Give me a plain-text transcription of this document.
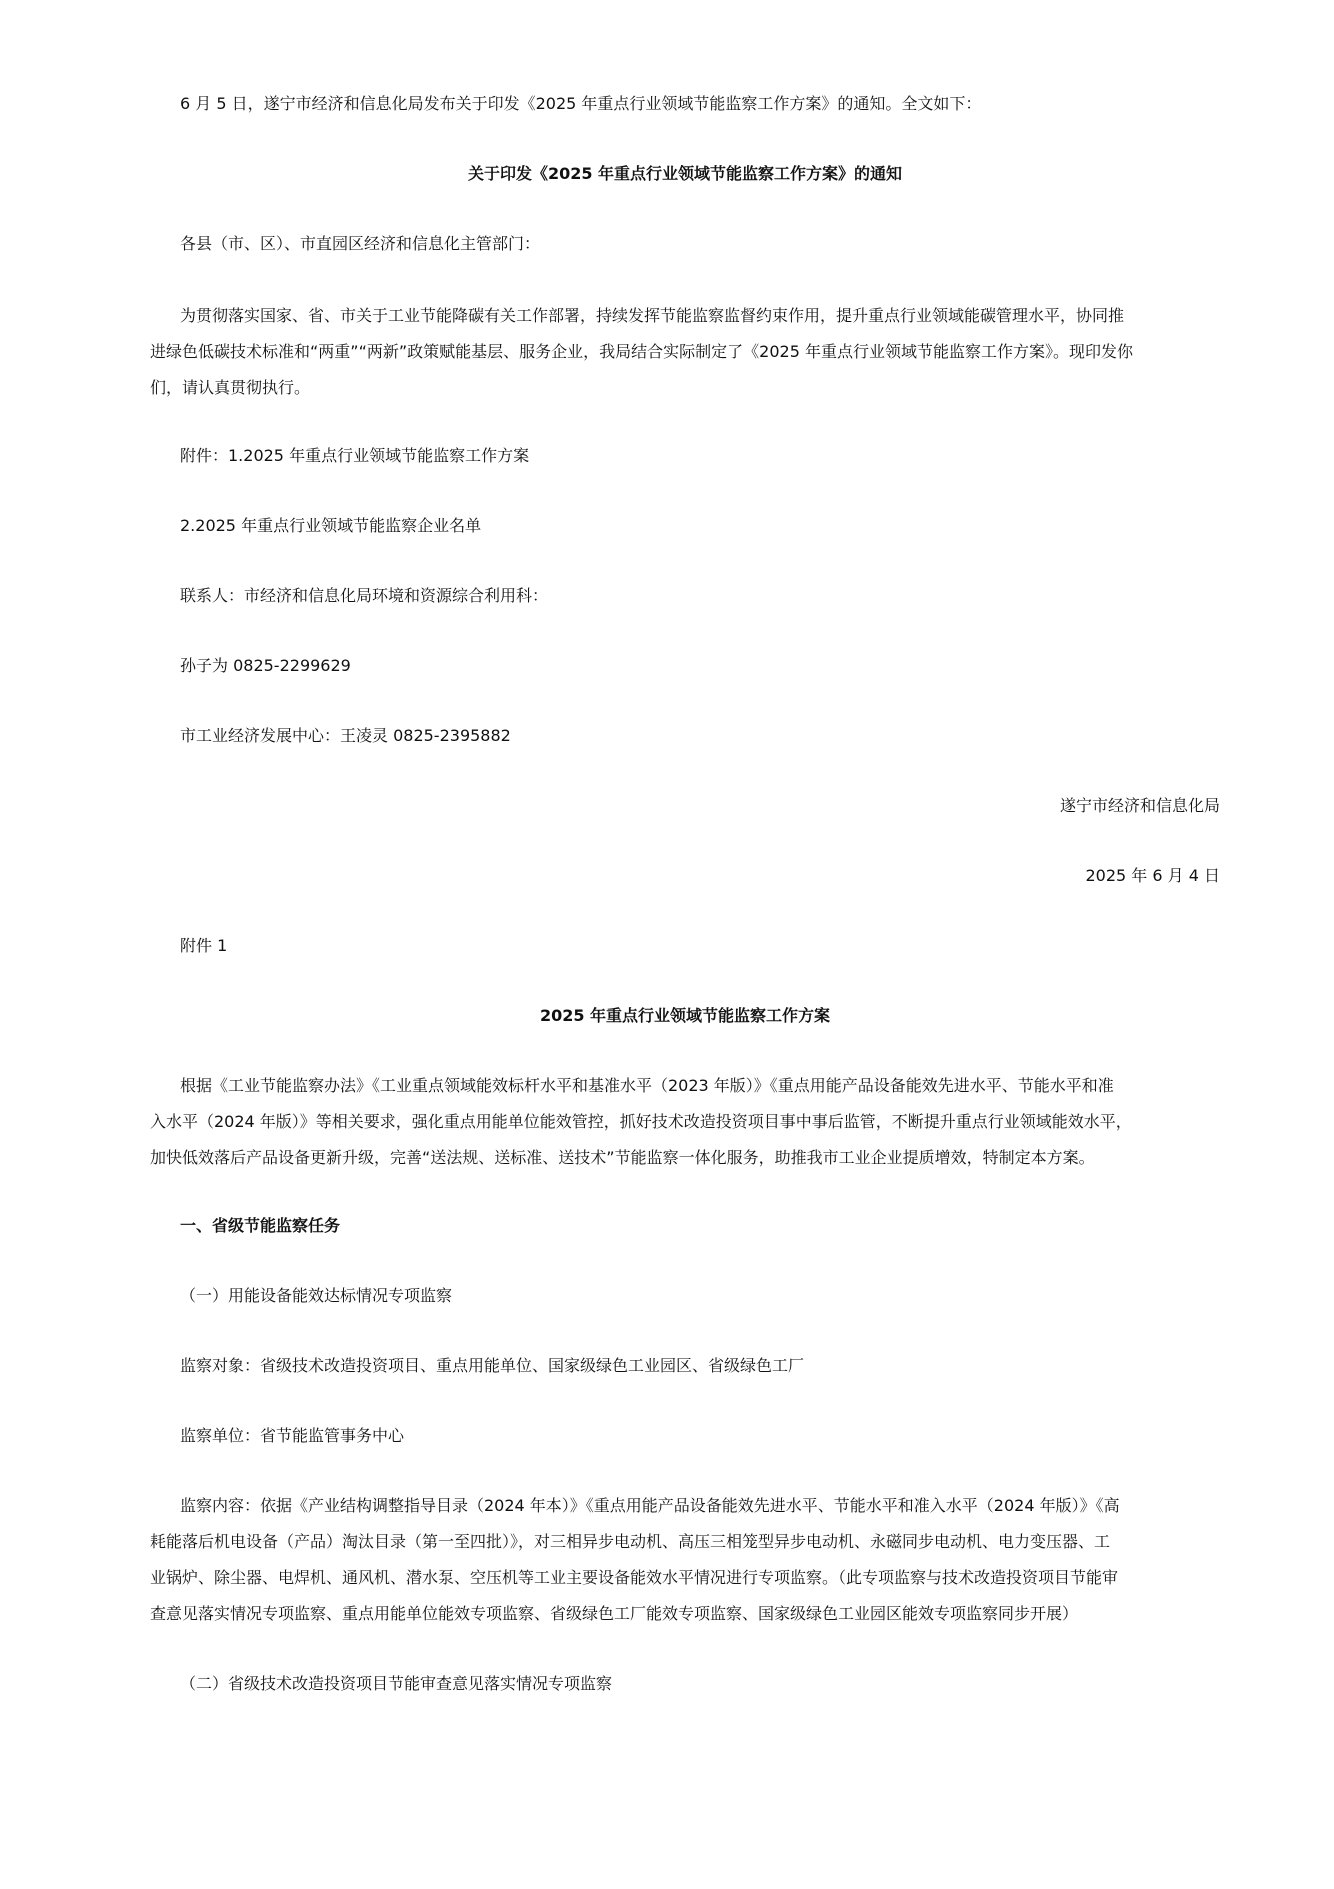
6 月 5 日，遂宁市经济和信息化局发布关于印发《2025 年重点行业领域节能监察工作方案》的通知。全文如下：

关于印发《2025 年重点行业领域节能监察工作方案》的通知

各县（市、区）、市直园区经济和信息化主管部门：

为贯彻落实国家、省、市关于工业节能降碳有关工作部署，持续发挥节能监察监督约束作用，提升重点行业领域能碳管理水平，协同推
进绿色低碳技术标准和“两重”“两新”政策赋能基层、服务企业，我局结合实际制定了《2025 年重点行业领域节能监察工作方案》。现印发你
们，请认真贯彻执行。

附件：1.2025 年重点行业领域节能监察工作方案

2.2025 年重点行业领域节能监察企业名单

联系人：市经济和信息化局环境和资源综合利用科：

孙子为 0825-2299629

市工业经济发展中心：王凌灵 0825-2395882

遂宁市经济和信息化局

2025 年 6 月 4 日

附件 1

2025 年重点行业领域节能监察工作方案

根据《工业节能监察办法》《工业重点领域能效标杆水平和基准水平（2023 年版）》《重点用能产品设备能效先进水平、节能水平和准
入水平（2024 年版）》等相关要求，强化重点用能单位能效管控，抓好技术改造投资项目事中事后监管，不断提升重点行业领域能效水平，
加快低效落后产品设备更新升级，完善“送法规、送标准、送技术”节能监察一体化服务，助推我市工业企业提质增效，特制定本方案。

一、省级节能监察任务

（一）用能设备能效达标情况专项监察

监察对象：省级技术改造投资项目、重点用能单位、国家级绿色工业园区、省级绿色工厂

监察单位：省节能监管事务中心

监察内容：依据《产业结构调整指导目录（2024 年本）》《重点用能产品设备能效先进水平、节能水平和准入水平（2024 年版）》《高
耗能落后机电设备（产品）淘汰目录（第一至四批）》，对三相异步电动机、高压三相笼型异步电动机、永磁同步电动机、电力变压器、工
业锅炉、除尘器、电焊机、通风机、潜水泵、空压机等工业主要设备能效水平情况进行专项监察。（此专项监察与技术改造投资项目节能审
查意见落实情况专项监察、重点用能单位能效专项监察、省级绿色工厂能效专项监察、国家级绿色工业园区能效专项监察同步开展）

（二）省级技术改造投资项目节能审查意见落实情况专项监察
